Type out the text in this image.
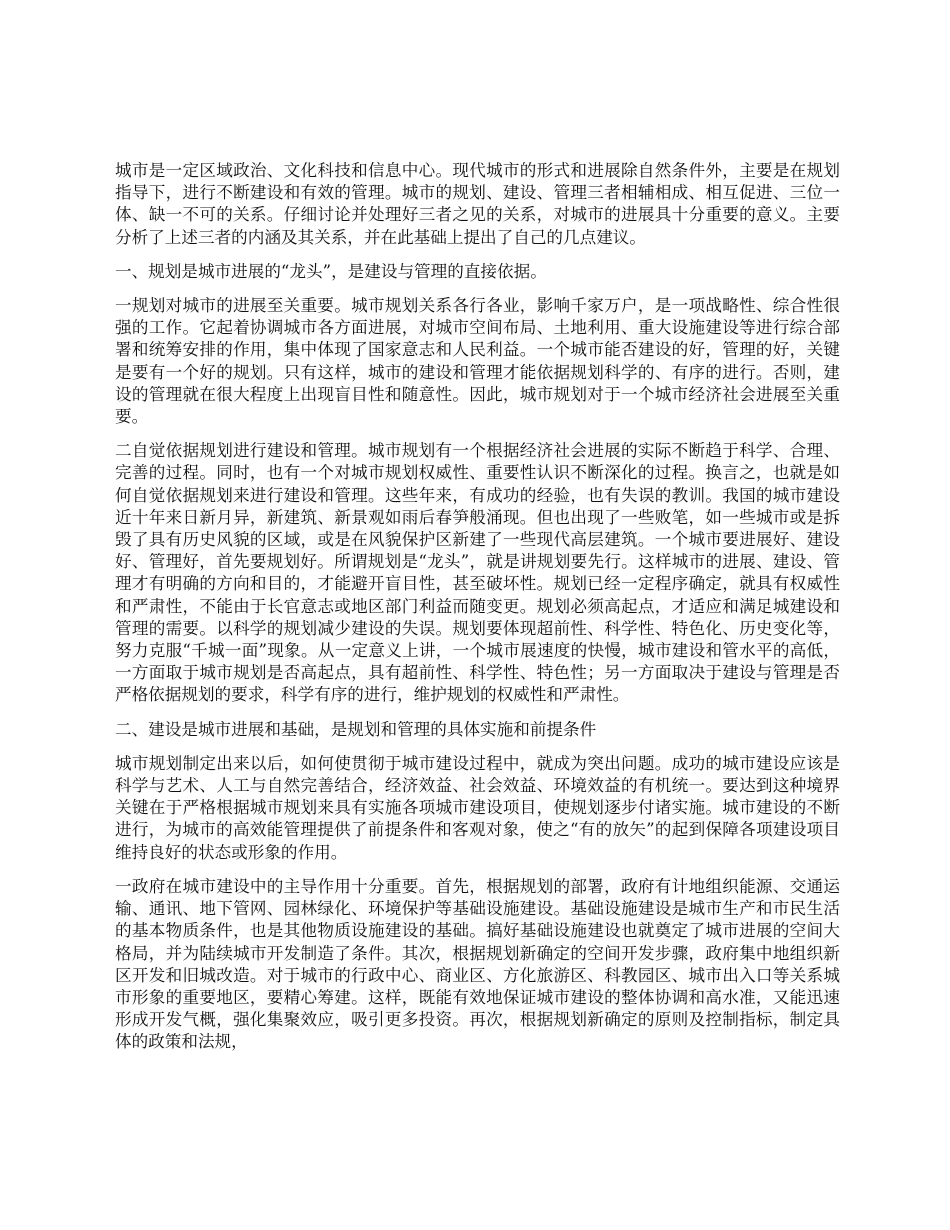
城市是一定区域政治、文化科技和信息中心。现代城市的形式和进展除自然条件外，主要是在规划指导下，进行不断建设和有效的管理。城市的规划、建设、管理三者相辅相成、相互促进、三位一体、缺一不可的关系。仔细讨论并处理好三者之见的关系，对城市的进展具十分重要的意义。主要分析了上述三者的内涵及其关系，并在此基础上提出了自己的几点建议。

一、规划是城市进展的“龙头”，是建设与管理的直接依据。

一规划对城市的进展至关重要。城市规划关系各行各业，影响千家万户，是一项战略性、综合性很强的工作。它起着协调城市各方面进展，对城市空间布局、土地利用、重大设施建设等进行综合部署和统筹安排的作用，集中体现了国家意志和人民利益。一个城市能否建设的好，管理的好，关键是要有一个好的规划。只有这样，城市的建设和管理才能依据规划科学的、有序的进行。否则，建设的管理就在很大程度上出现盲目性和随意性。因此，城市规划对于一个城市经济社会进展至关重要。

二自觉依据规划进行建设和管理。城市规划有一个根据经济社会进展的实际不断趋于科学、合理、完善的过程。同时，也有一个对城市规划权威性、重要性认识不断深化的过程。换言之，也就是如何自觉依据规划来进行建设和管理。这些年来，有成功的经验，也有失误的教训。我国的城市建设近十年来日新月异，新建筑、新景观如雨后春笋般涌现。但也出现了一些败笔，如一些城市或是拆毁了具有历史风貌的区域，或是在风貌保护区新建了一些现代高层建筑。一个城市要进展好、建设好、管理好，首先要规划好。所谓规划是“龙头”，就是讲规划要先行。这样城市的进展、建设、管理才有明确的方向和目的，才能避开盲目性，甚至破坏性。规划已经一定程序确定，就具有权威性和严肃性，不能由于长官意志或地区部门利益而随变更。规划必须高起点，才适应和满足城建设和管理的需要。以科学的规划减少建设的失误。规划要体现超前性、科学性、特色化、历史变化等，努力克服“千城一面”现象。从一定意义上讲，一个城市展速度的快慢，城市建设和管水平的高低，一方面取于城市规划是否高起点，具有超前性、科学性、特色性；另一方面取决于建设与管理是否严格依据规划的要求，科学有序的进行，维护规划的权威性和严肃性。

二、建设是城市进展和基础，是规划和管理的具体实施和前提条件

城市规划制定出来以后，如何使贯彻于城市建设过程中，就成为突出问题。成功的城市建设应该是科学与艺术、人工与自然完善结合，经济效益、社会效益、环境效益的有机统一。要达到这种境界关键在于严格根据城市规划来具有实施各项城市建设项目，使规划逐步付诸实施。城市建设的不断进行，为城市的高效能管理提供了前提条件和客观对象，使之“有的放矢”的起到保障各项建设项目维持良好的状态或形象的作用。

一政府在城市建设中的主导作用十分重要。首先，根据规划的部署，政府有计地组织能源、交通运输、通讯、地下管网、园林绿化、环境保护等基础设施建设。基础设施建设是城市生产和市民生活的基本物质条件，也是其他物质设施建设的基础。搞好基础设施建设也就奠定了城市进展的空间大格局，并为陆续城市开发制造了条件。其次，根据规划新确定的空间开发步骤，政府集中地组织新区开发和旧城改造。对于城市的行政中心、商业区、方化旅游区、科教园区、城市出入口等关系城市形象的重要地区，要精心筹建。这样，既能有效地保证城市建设的整体协调和高水准，又能迅速形成开发气概，强化集聚效应，吸引更多投资。再次，根据规划新确定的原则及控制指标，制定具体的政策和法规，
